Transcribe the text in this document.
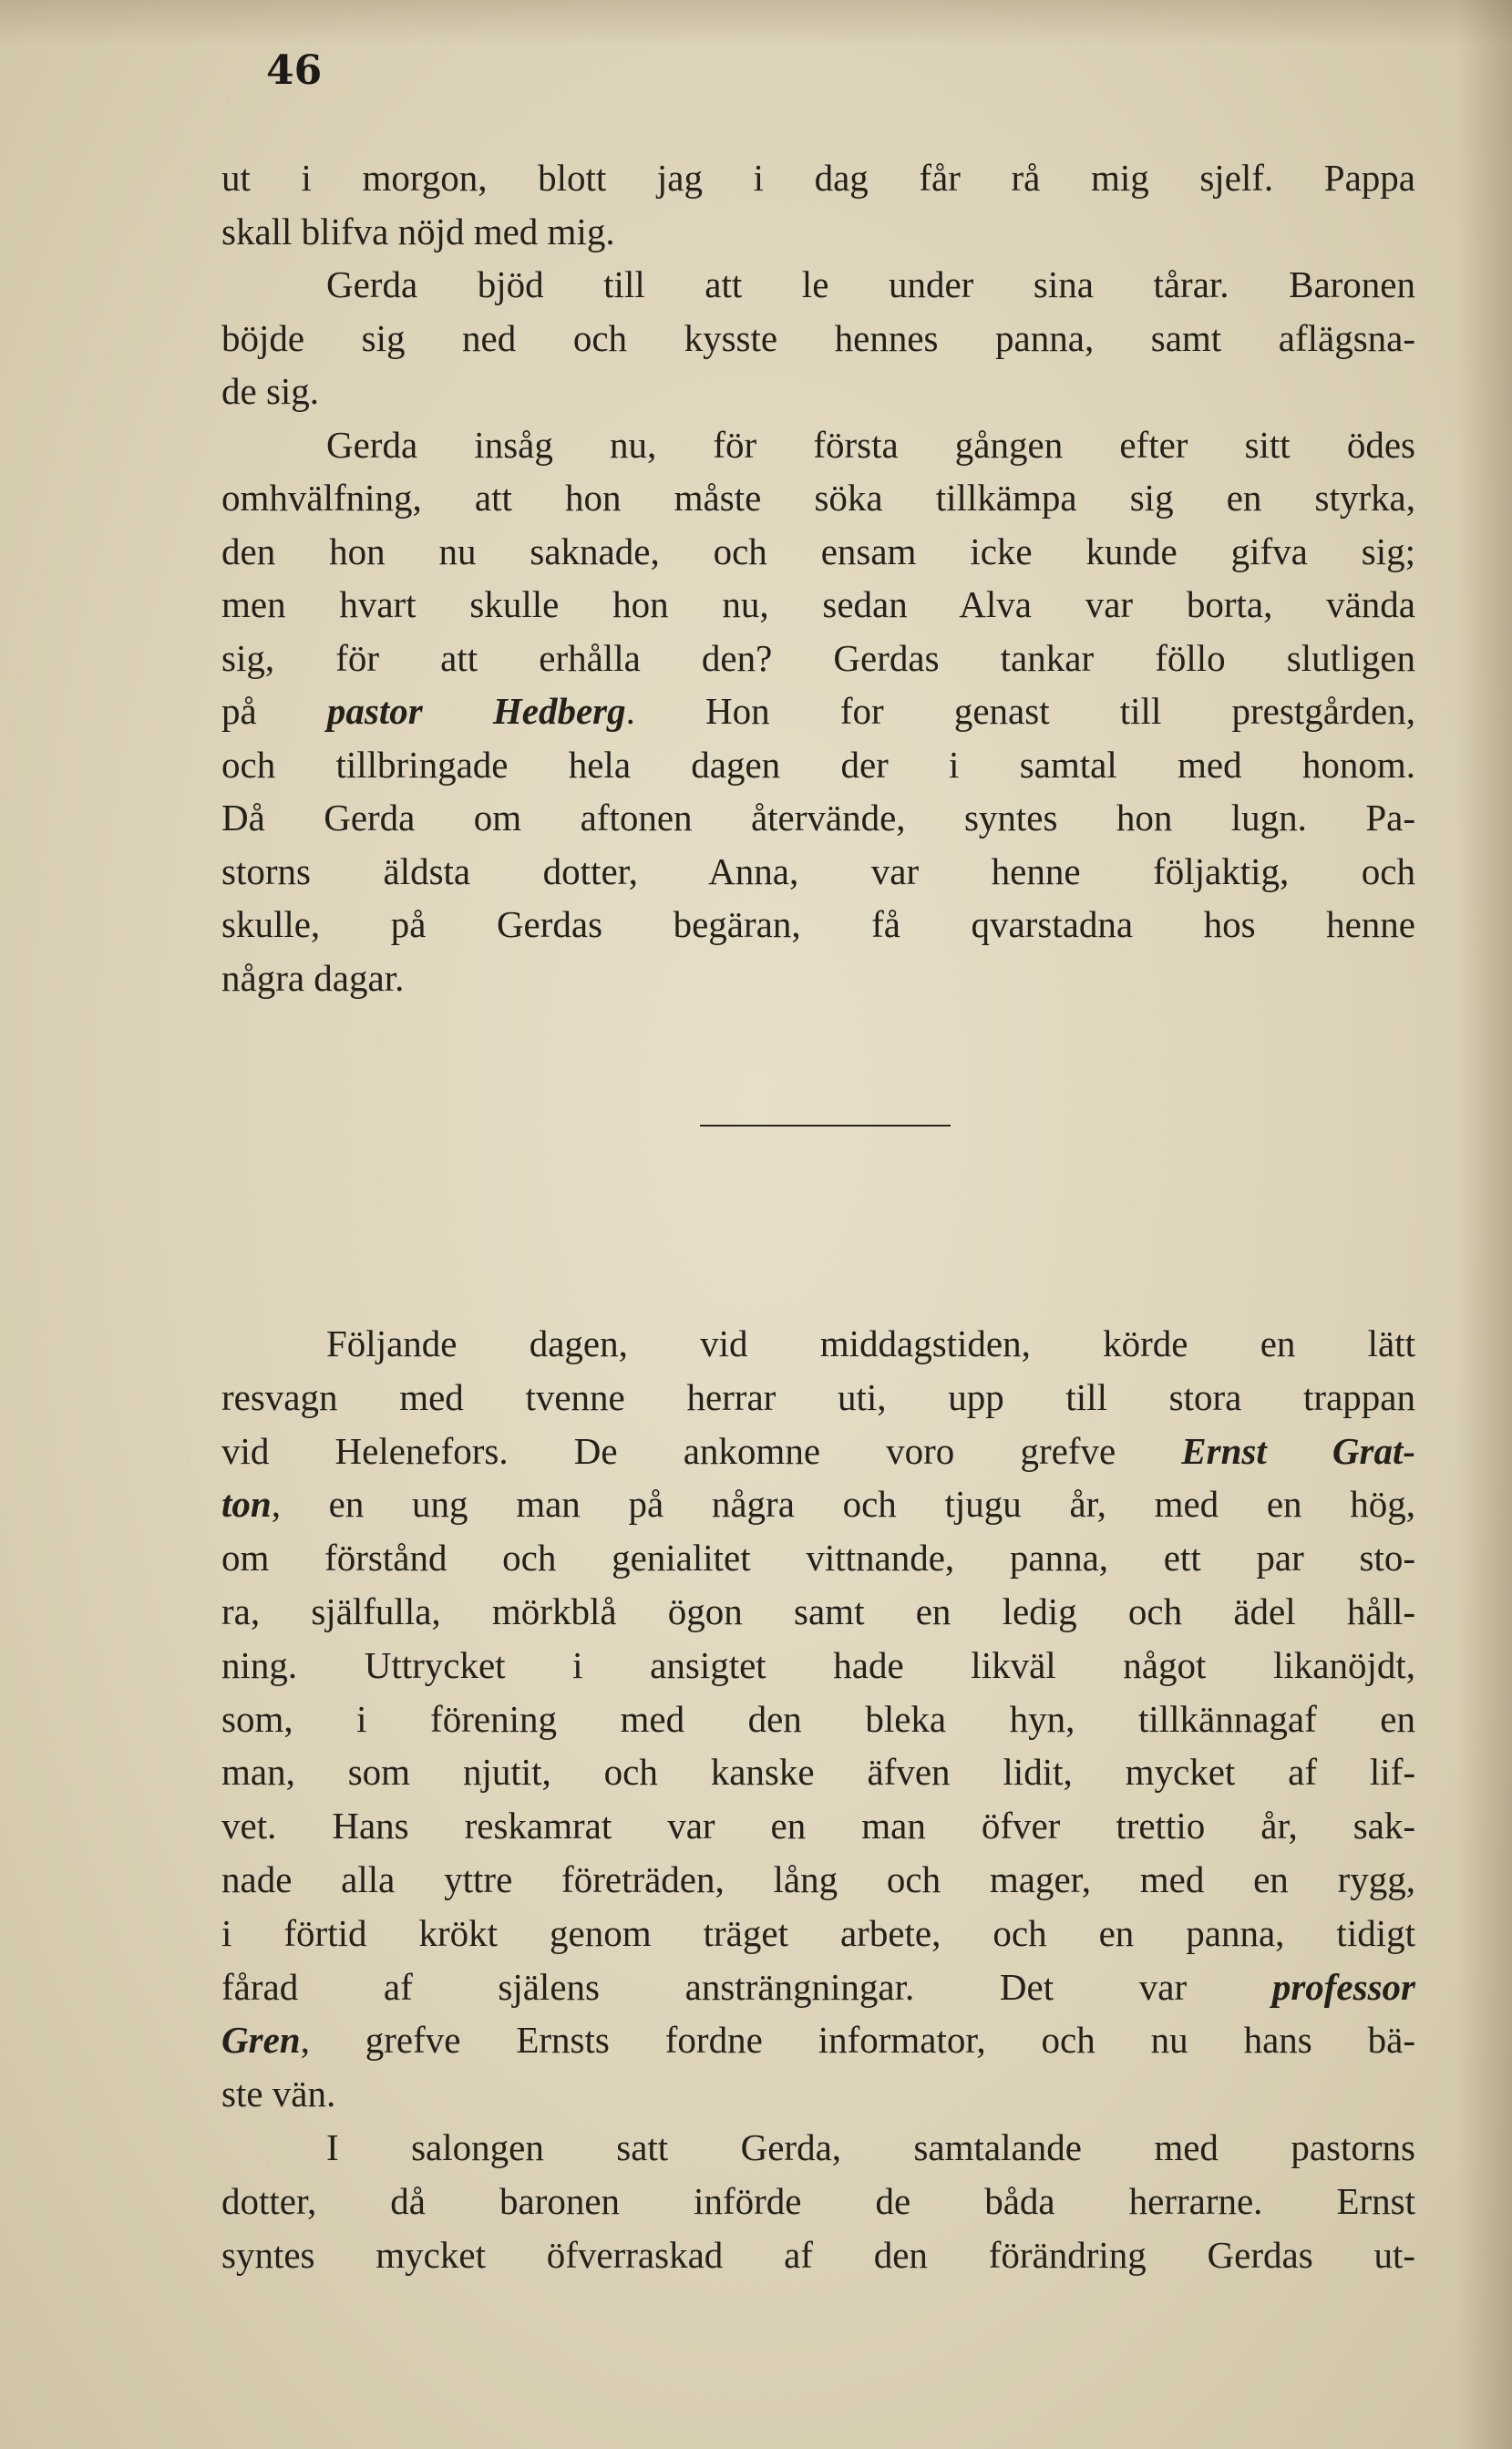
46

ut i morgon, blott jag i dag får rå mig sjelf. Pappa

skall blifva nöjd med mig.

Gerda bjöd till att le under sina tårar. Baronen

böjde sig ned och kysste hennes panna, samt aflägsna-

de sig.

Gerda insåg nu, för första gången efter sitt ödes

omhvälfning, att hon måste söka tillkämpa sig en styrka,

den hon nu saknade, och ensam icke kunde gifva sig;

men hvart skulle hon nu, sedan Alva var borta, vända

sig, för att erhålla den? Gerdas tankar föllo slutligen

på pastor Hedberg. Hon for genast till prestgården,

och tillbringade hela dagen der i samtal med honom.

Då Gerda om aftonen återvände, syntes hon lugn. Pa-

storns äldsta dotter, Anna, var henne följaktig, och

skulle, på Gerdas begäran, få qvarstadna hos henne

några dagar.

Följande dagen, vid middagstiden, körde en lätt

resvagn med tvenne herrar uti, upp till stora trappan

vid Helenefors. De ankomne voro grefve Ernst Grat-

ton, en ung man på några och tjugu år, med en hög,

om förstånd och genialitet vittnande, panna, ett par sto-

ra, själfulla, mörkblå ögon samt en ledig och ädel håll-

ning. Uttrycket i ansigtet hade likväl något likanöjdt,

som, i förening med den bleka hyn, tillkännagaf en

man, som njutit, och kanske äfven lidit, mycket af lif-

vet. Hans reskamrat var en man öfver trettio år, sak-

nade alla yttre företräden, lång och mager, med en rygg,

i förtid krökt genom träget arbete, och en panna, tidigt

fårad af själens ansträngningar. Det var professor

Gren, grefve Ernsts fordne informator, och nu hans bä-

ste vän.

I salongen satt Gerda, samtalande med pastorns

dotter, då baronen införde de båda herrarne. Ernst

syntes mycket öfverraskad af den förändring Gerdas ut-
